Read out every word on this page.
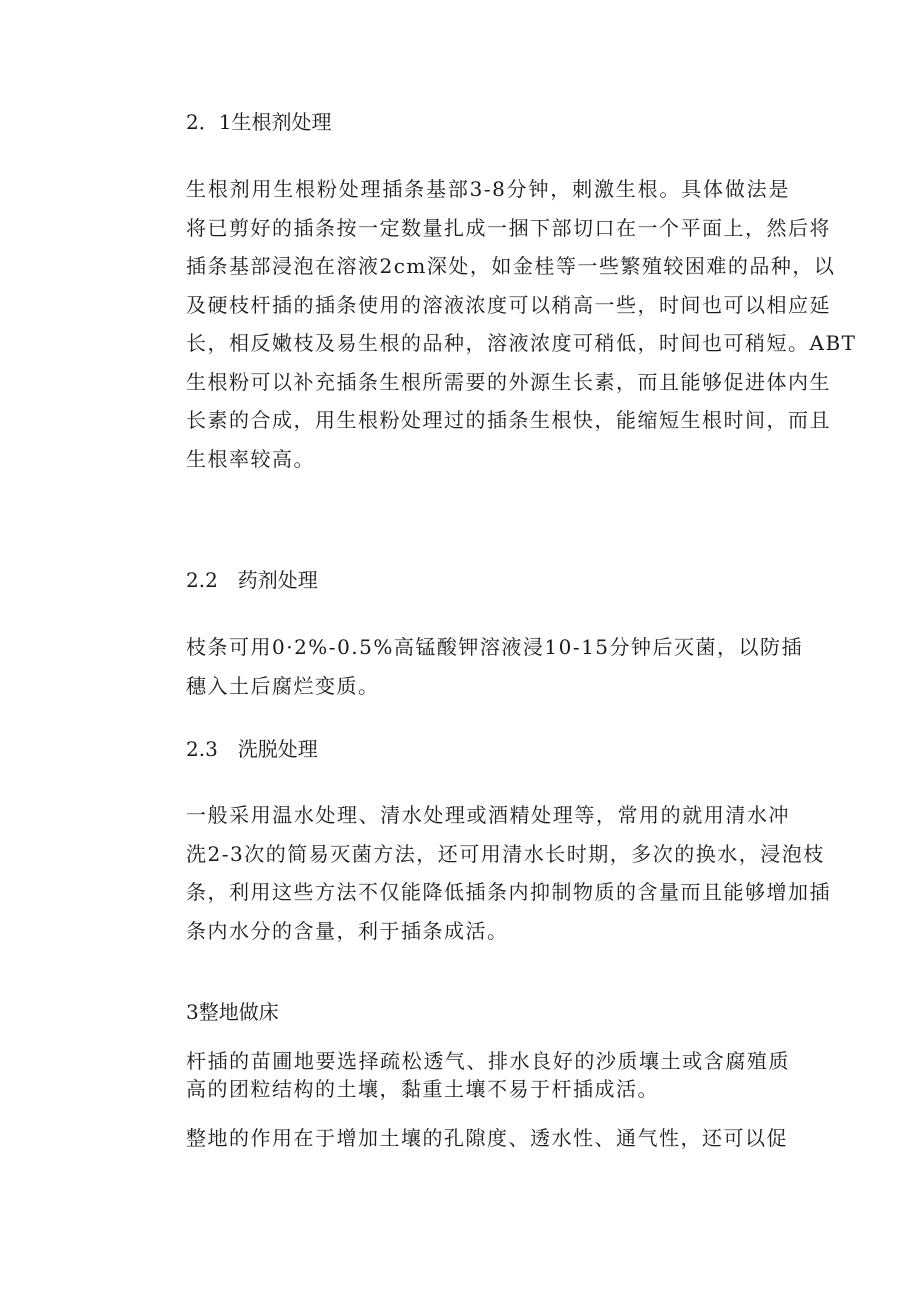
2．1生根剂处理
生根剂用生根粉处理插条基部3-8分钟，刺激生根。具体做法是
将已剪好的插条按一定数量扎成一捆下部切口在一个平面上，然后将
插条基部浸泡在溶液2cm深处，如金桂等一些繁殖较困难的品种，以
及硬枝杆插的插条使用的溶液浓度可以稍高一些，时间也可以相应延
长，相反嫩枝及易生根的品种，溶液浓度可稍低，时间也可稍短。ABT
生根粉可以补充插条生根所需要的外源生长素，而且能够促进体内生
长素的合成，用生根粉处理过的插条生根快，能缩短生根时间，而且
生根率较高。
2.2　药剂处理
枝条可用0·2%-0.5%高锰酸钾溶液浸10-15分钟后灭菌，以防插
穗入土后腐烂变质。
2.3　洗脱处理
一般采用温水处理、清水处理或酒精处理等，常用的就用清水冲
洗2-3次的简易灭菌方法，还可用清水长时期，多次的换水，浸泡枝
条，利用这些方法不仅能降低插条内抑制物质的含量而且能够增加插
条内水分的含量，利于插条成活。
3整地做床
杆插的苗圃地要选择疏松透气、排水良好的沙质壤土或含腐殖质
高的团粒结构的土壤，黏重土壤不易于杆插成活。
整地的作用在于增加土壤的孔隙度、透水性、通气性，还可以促
